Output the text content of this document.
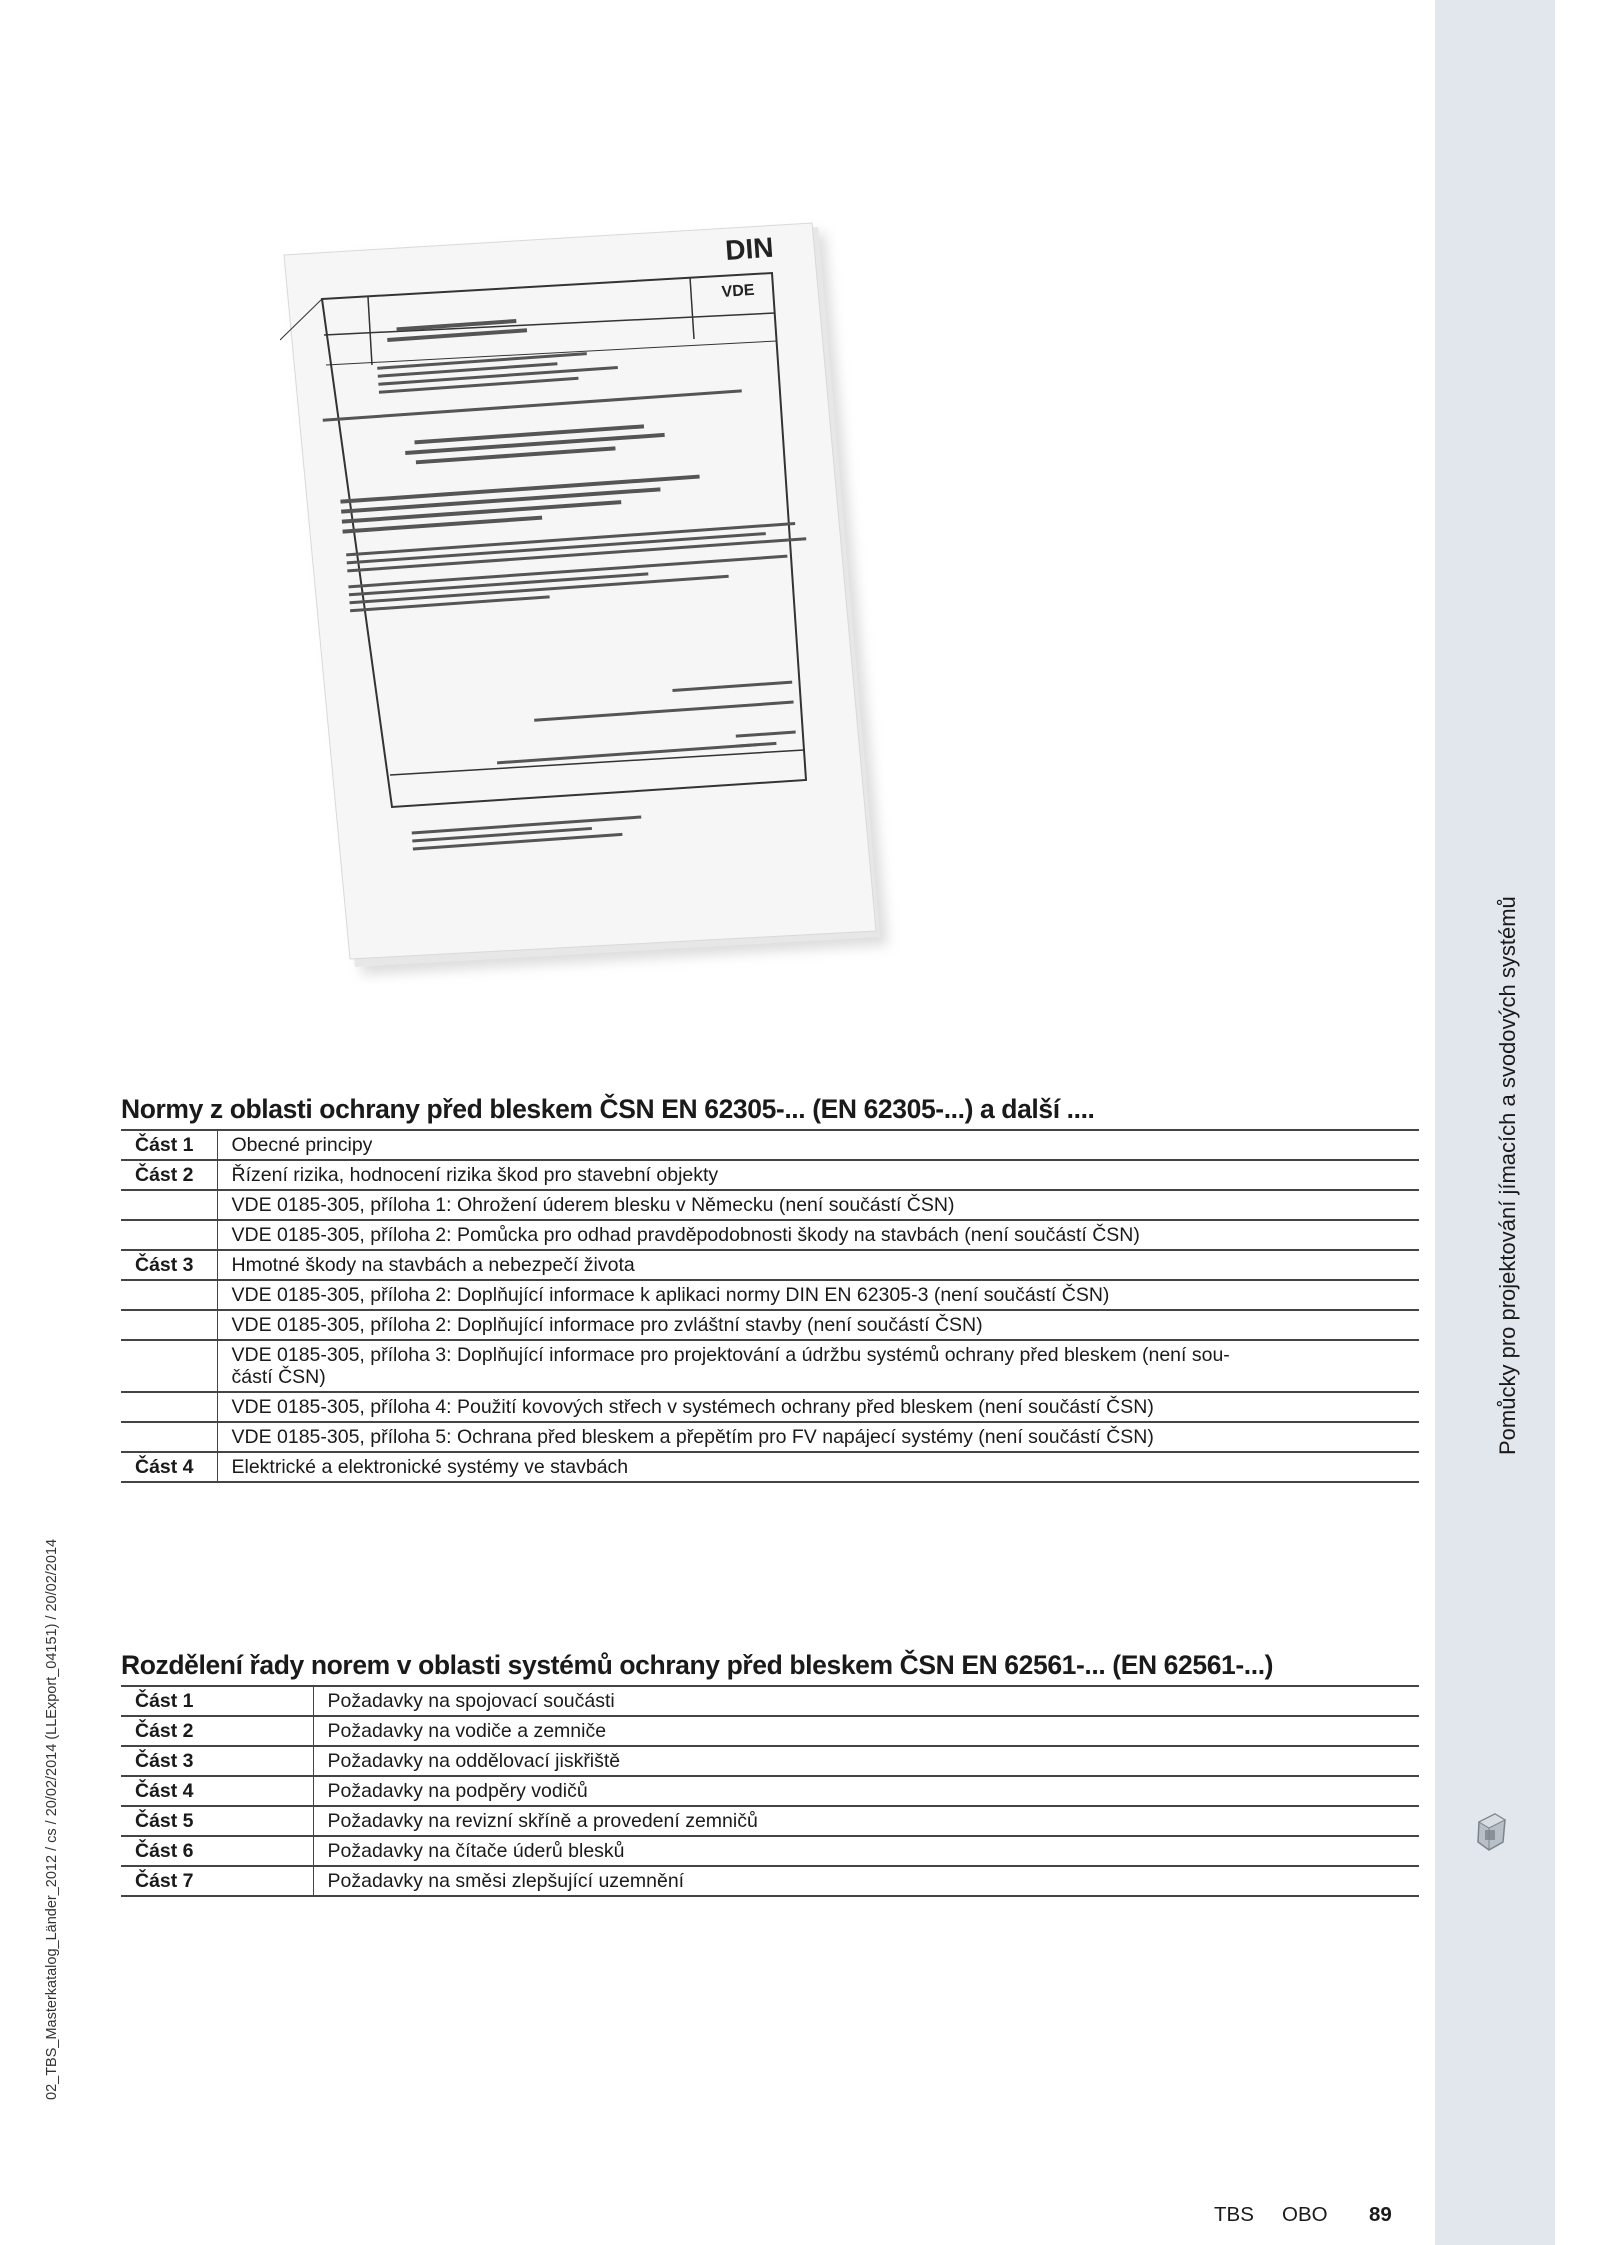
Pomůcky pro projektování jímacích a svodových systémů
02_TBS_Masterkatalog_Länder_2012 / cs / 20/02/2014 (LLExport_04151) / 20/02/2014
DIN
VDE
Normy z oblasti ochrany před bleskem ČSN EN 62305-... (EN 62305-...) a další ....
Část 1	Obecné principy
Část 2	Řízení rizika, hodnocení rizika škod pro stavební objekty
	VDE 0185-305, příloha 1: Ohrožení úderem blesku v Německu (není součástí ČSN)
	VDE 0185-305, příloha 2: Pomůcka pro odhad pravděpodobnosti škody na stavbách (není součástí ČSN)
Část 3	Hmotné škody na stavbách a nebezpečí života
	VDE 0185-305, příloha 2: Doplňující informace k aplikaci normy DIN EN 62305-3 (není součástí ČSN)
	VDE 0185-305, příloha 2: Doplňující informace pro zvláštní stavby (není součástí ČSN)
	VDE 0185-305, příloha 3: Doplňující informace pro projektování a údržbu systémů ochrany před bleskem (není sou-
částí ČSN)
	VDE 0185-305, příloha 4: Použití kovových střech v systémech ochrany před bleskem (není součástí ČSN)
	VDE 0185-305, příloha 5: Ochrana před bleskem a přepětím pro FV napájecí systémy (není součástí ČSN)
Část 4	Elektrické a elektronické systémy ve stavbách
Rozdělení řady norem v oblasti systémů ochrany před bleskem ČSN EN 62561-... (EN 62561-...)
Část 1	Požadavky na spojovací součásti
Část 2	Požadavky na vodiče a zemniče
Část 3	Požadavky na oddělovací jiskřiště
Část 4	Požadavky na podpěry vodičů
Část 5	Požadavky na revizní skříně a provedení zemničů
Část 6	Požadavky na čítače úderů blesků
Část 7	Požadavky na směsi zlepšující uzemnění
TBS OBO 89
